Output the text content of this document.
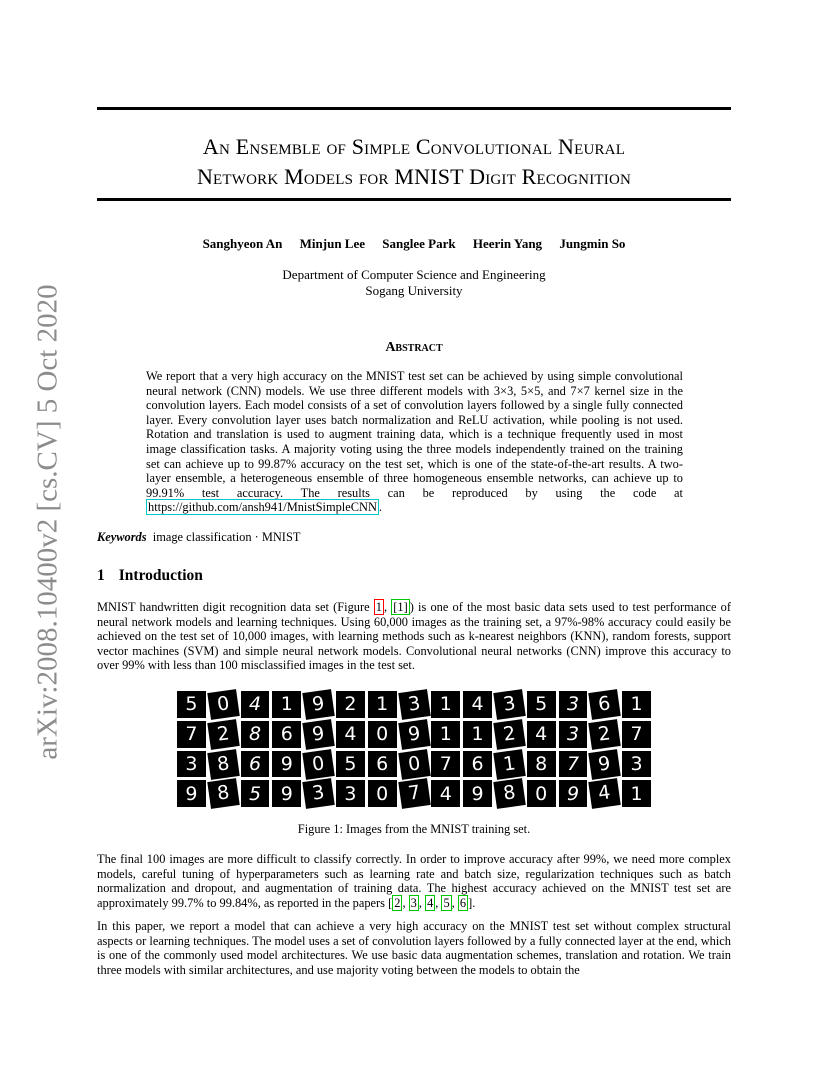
arXiv:2008.10400v2 [cs.CV] 5 Oct 2020
An Ensemble of Simple Convolutional Neural
Network Models for MNIST Digit Recognition
Sanghyeon An Minjun Lee Sanglee Park Heerin Yang Jungmin So
Department of Computer Science and Engineering
Sogang University
Abstract
We report that a very high accuracy on the MNIST test set can be achieved by using simple convolutional neural network (CNN) models. We use three different models with 3×3, 5×5, and 7×7 kernel size in the convolution layers. Each model consists of a set of convolution layers followed by a single fully connected layer. Every convolution layer uses batch normalization and ReLU activation, while pooling is not used. Rotation and translation is used to augment training data, which is a technique frequently used in most image classification tasks. A majority voting using the three models independently trained on the training set can achieve up to 99.87% accuracy on the test set, which is one of the state-of-the-art results. A two-layer ensemble, a heterogeneous ensemble of three homogeneous ensemble networks, can achieve up to 99.91% test accuracy. The results can be reproduced by using the code at https://github.com/ansh941/MnistSimpleCNN .
Keywords image classification · MNIST
1 Introduction
MNIST handwritten digit recognition data set (Figure 1 , [1] ) is one of the most basic data sets used to test performance of neural network models and learning techniques. Using 60,000 images as the training set, a 97%-98% accuracy could easily be achieved on the test set of 10,000 images, with learning methods such as k-nearest neighbors (KNN), random forests, support vector machines (SVM) and simple neural network models. Convolutional neural networks (CNN) improve this accuracy to over 99% with less than 100 misclassified images in the test set.
5 0 4	1 9 2	1 3 1	4 3 5	3 6 1
7 2 8	6 9 4	0 9 1	1 2 4	3 2 7
3 8 6	9 0 5	6 0 7	6 1 8	7 9 3
9 8 5	9 3 3	0 7 4	9 8 0	9 4 1
Figure 1: Images from the MNIST training set.
The final 100 images are more difficult to classify correctly. In order to improve accuracy after 99%, we need more complex models, careful tuning of hyperparameters such as learning rate and batch size, regularization techniques such as batch normalization and dropout, and augmentation of training data. The highest accuracy achieved on the MNIST test set are approximately 99.7% to 99.84%, as reported in the papers [ 2 , 3 , 4 , 5 , 6 ].
In this paper, we report a model that can achieve a very high accuracy on the MNIST test set without complex structural aspects or learning techniques. The model uses a set of convolution layers followed by a fully connected layer at the end, which is one of the commonly used model architectures. We use basic data augmentation schemes, translation and rotation. We train three models with similar architectures, and use majority voting between the models to obtain the
